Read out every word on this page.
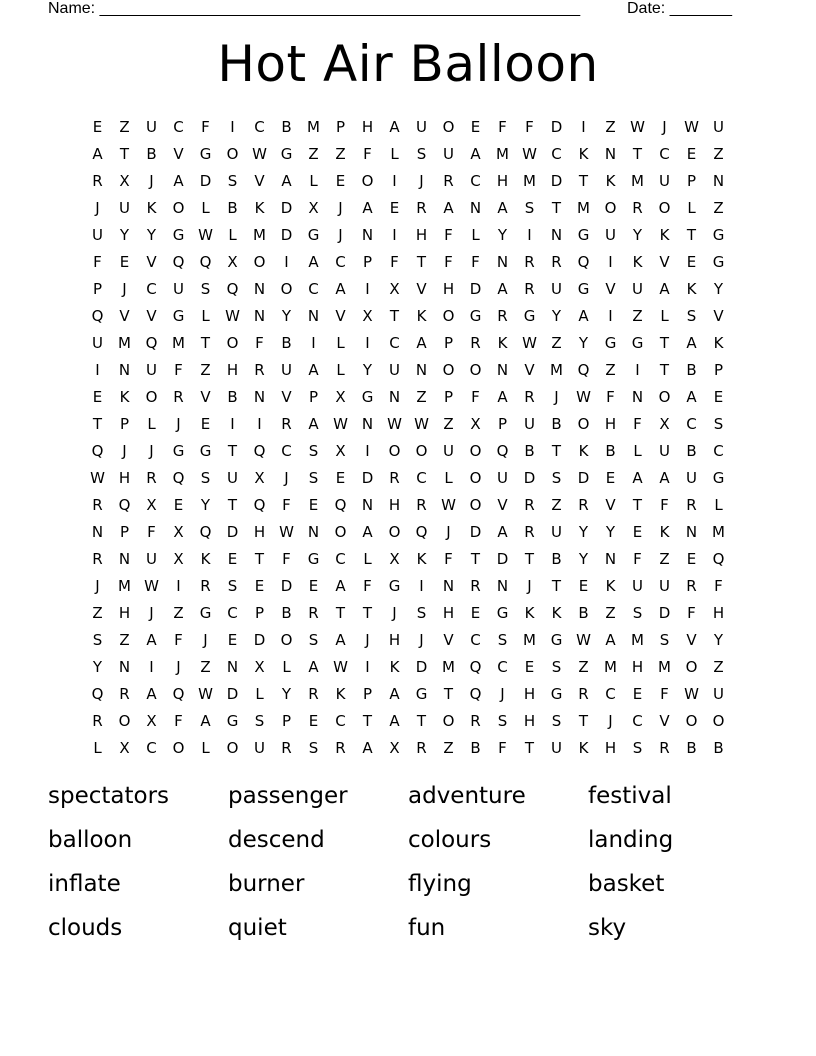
Name: ______________________________________________________	Date: _______
Hot Air Balloon
E	Z	U	C	F	I	C	B	M	P	H	A	U	O	E	F	F	D	I	Z W	J	W U
A	T	B	V	G	O W G	Z	Z	F	L	S	U	A	M W C	K	N	T	C	E	Z
R	X	J	A	D	S	V	A	L	E	O	I	J	R	C	H M D	T	K	M	U	P	N
J	U	K	O	L	B	K	D	X	J	A	E	R	A	N	A	S	T	M O	R	O	L	Z
U	Y	Y	G W	L	M D	G	J	N	I	H	F	L	Y	I	N	G	U	Y	K	T	G
F	E	V	Q	Q	X	O	I	A	C	P	F	T	F	F	N	R	R	Q	I	K	V	E	G
P	J	C	U	S	Q	N	O	C	A	I	X	V	H	D	A	R	U	G	V	U	A	K	Y
Q	V	V	G	L	W N	Y	N	V	X	T	K	O	G	R	G	Y	A	I	Z	L	S	V
U	M Q M	T	O	F	B	I	L	I	C	A	P	R	K W Z	Y	G	G	T	A	K
I	N	U	F	Z	H	R	U	A	L	Y	U	N	O	O	N	V	M Q	Z	I	T	B	P
E	K	O	R	V	B	N	V	P	X	G	N	Z	P	F	A	R	J	W	F	N	O	A	E
T	P	L	J	E	I	I	R	A W N W W Z	X	P	U	B	O	H	F	X	C	S
Q	J	J	G	G	T	Q	C	S	X	I	O	O	U	O	Q	B	T	K	B	L	U	B	C
W H	R	Q	S	U	X	J	S	E	D	R	C	L	O	U	D	S	D	E	A	A	U	G
R	Q	X	E	Y	T	Q	F	E	Q	N	H	R W O	V	R	Z	R	V	T	F	R	L
N	P	F	X	Q	D	H W N	O	A	O	Q	J	D	A	R	U	Y	Y	E	K	N M
R	N	U	X	K	E	T	F	G	C	L	X	K	F	T	D	T	B	Y	N	F	Z	E	Q
J	M W	I	R	S	E	D	E	A	F	G	I	N	R	N	J	T	E	K	U	U	R	F
Z	H	J	Z	G	C	P	B	R	T	T	J	S	H	E	G	K	K	B	Z	S	D	F	H
S	Z	A	F	J	E	D	O	S	A	J	H	J	V	C	S	M G W A	M	S	V	Y
Y	N	I	J	Z	N	X	L	A W	I	K	D M Q	C	E	S	Z	M H M O	Z
Q	R	A	Q W D	L	Y	R	K	P	A	G	T	Q	J	H	G	R	C	E	F	W U
R	O	X	F	A	G	S	P	E	C	T	A	T	O	R	S	H	S	T	J	C	V	O	O
L	X	C	O	L	O	U	R	S	R	A	X	R	Z	B	F	T	U	K	H	S	R	B	B
spectators	passenger	adventure	festival
balloon	descend	colours	landing
inflate	burner	flying	basket
clouds	quiet	fun	sky
